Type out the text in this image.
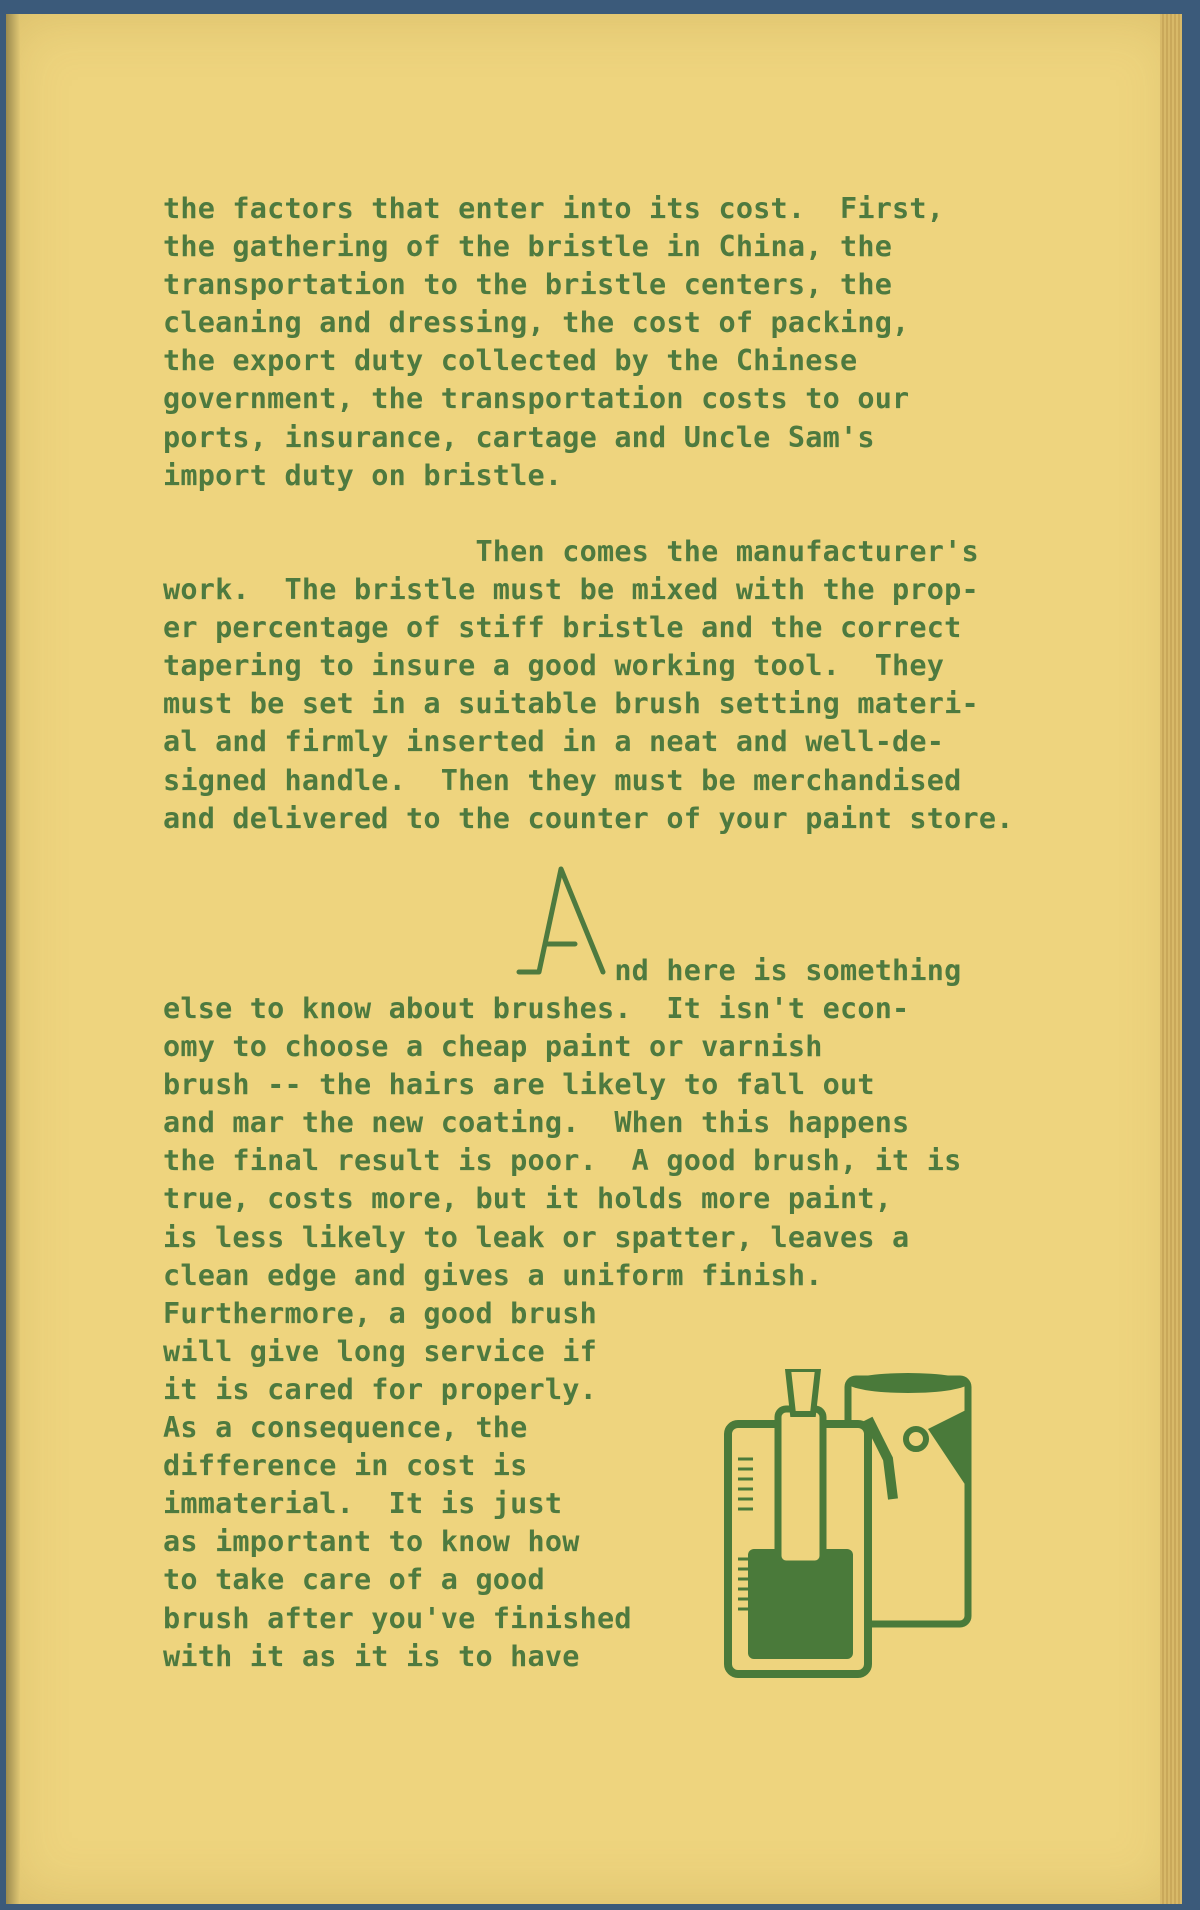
the factors that enter into its cost.  First,
the gathering of the bristle in China, the
transportation to the bristle centers, the
cleaning and dressing, the cost of packing,
the export duty collected by the Chinese
government, the transportation costs to our
ports, insurance, cartage and Uncle Sam's
import duty on bristle.
Then comes the manufacturer's
work.  The bristle must be mixed with the prop-
er percentage of stiff bristle and the correct
tapering to insure a good working tool.  They
must be set in a suitable brush setting materi-
al and firmly inserted in a neat and well-de-
signed handle.  Then they must be merchandised
and delivered to the counter of your paint store.
nd here is something
else to know about brushes.  It isn't econ-
omy to choose a cheap paint or varnish
brush -- the hairs are likely to fall out
and mar the new coating.  When this happens
the final result is poor.  A good brush, it is
true, costs more, but it holds more paint,
is less likely to leak or spatter, leaves a
clean edge and gives a uniform finish.
Furthermore, a good brush
will give long service if
it is cared for properly.
As a consequence, the
difference in cost is
immaterial.  It is just
as important to know how
to take care of a good
brush after you've finished
with it as it is to have
